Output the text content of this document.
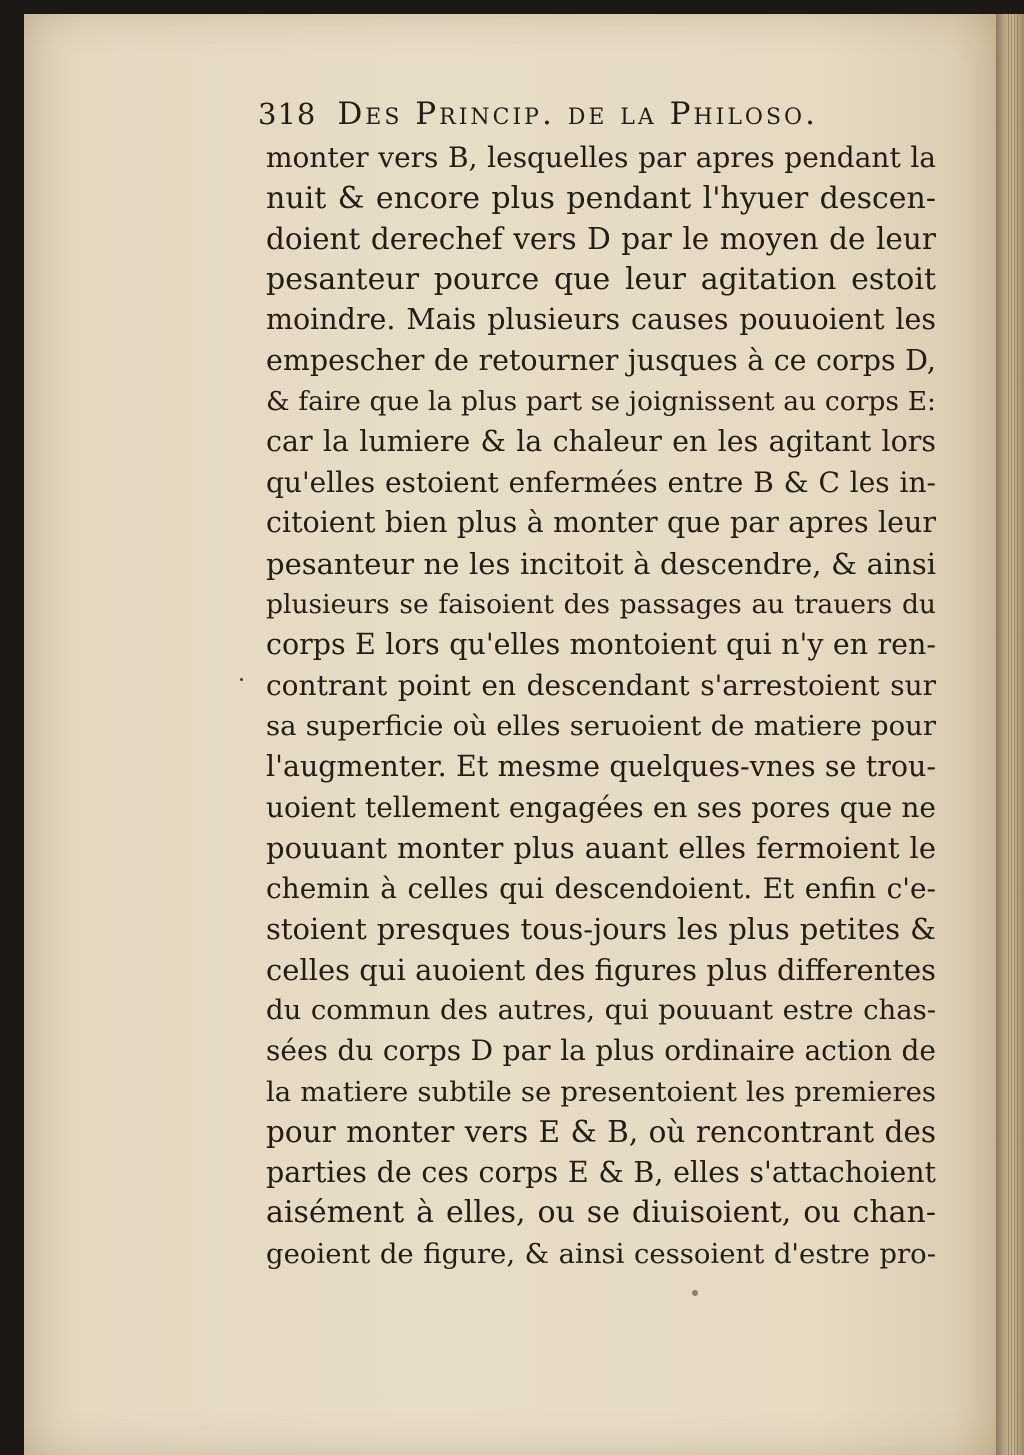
318 Des Princip. de la Philoso.
monter vers B, lesquelles par apres pendant la
nuit & encore plus pendant l'hyuer descen-
doient derechef vers D par le moyen de leur
pesanteur pource que leur agitation estoit
moindre. Mais plusieurs causes pouuoient les
empescher de retourner jusques à ce corps D,
& faire que la plus part se joignissent au corps E:
car la lumiere & la chaleur en les agitant lors
qu'elles estoient enfermées entre B & C les in-
citoient bien plus à monter que par apres leur
pesanteur ne les incitoit à descendre, & ainsi
plusieurs se faisoient des passages au trauers du
corps E lors qu'elles montoient qui n'y en ren-
contrant point en descendant s'arrestoient sur
sa superficie où elles seruoient de matiere pour
l'augmenter. Et mesme quelques-vnes se trou-
uoient tellement engagées en ses pores que ne
pouuant monter plus auant elles fermoient le
chemin à celles qui descendoient. Et enfin c'e-
stoient presques tous-jours les plus petites &
celles qui auoient des figures plus differentes
du commun des autres, qui pouuant estre chas-
sées du corps D par la plus ordinaire action de
la matiere subtile se presentoient les premieres
pour monter vers E & B, où rencontrant des
parties de ces corps E & B, elles s'attachoient
aisément à elles, ou se diuisoient, ou chan-
geoient de figure, & ainsi cessoient d'estre pro-
